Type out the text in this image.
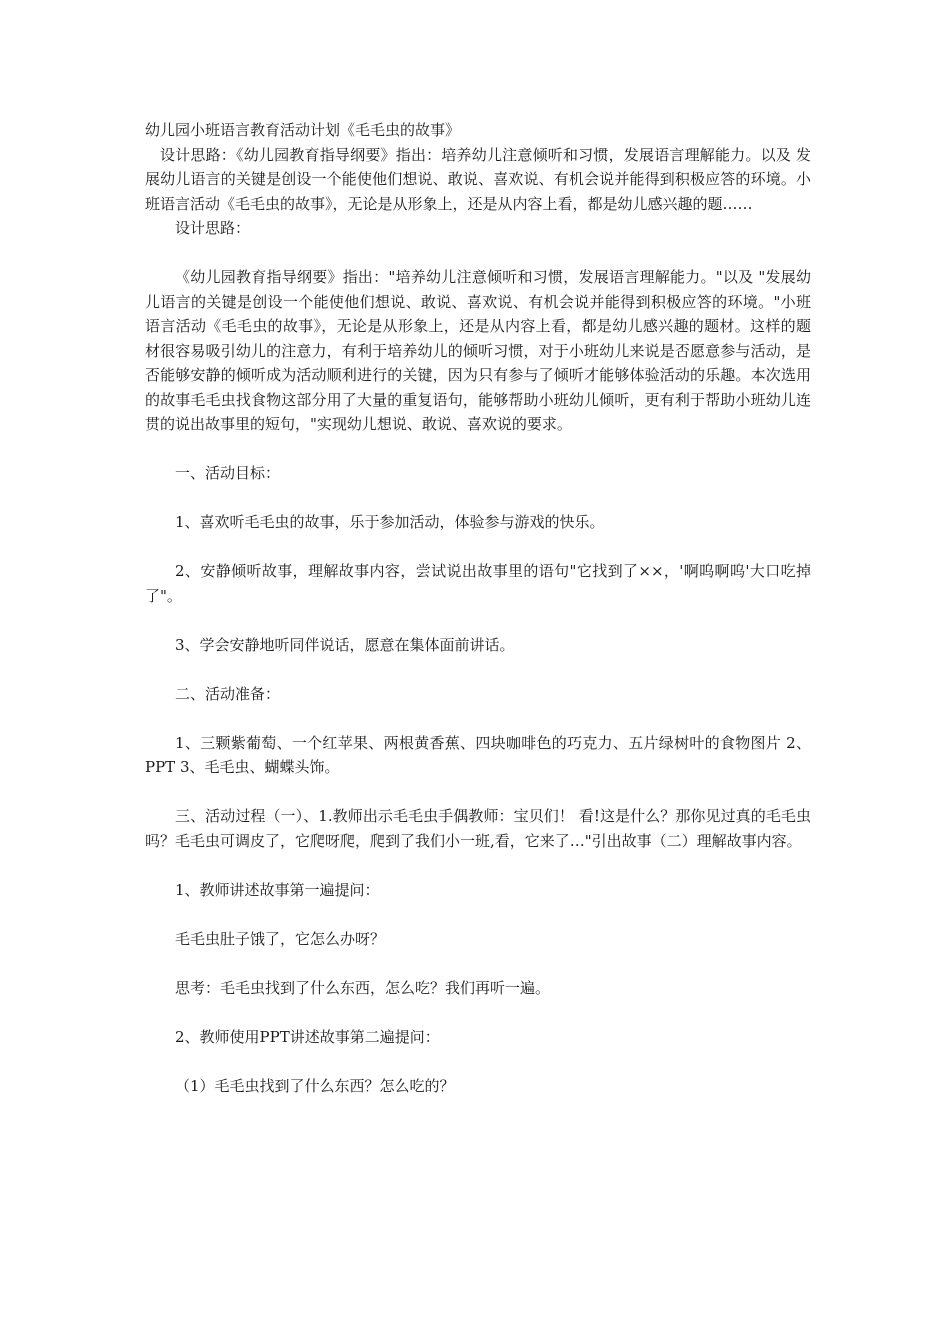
幼儿园小班语言教育活动计划《毛毛虫的故事》

设计思路：《幼儿园教育指导纲要》指出：培养幼儿注意倾听和习惯，发展语言理解能力。以及 发展幼儿语言的关键是创设一个能使他们想说、敢说、喜欢说、有机会说并能得到积极应答的环境。小班语言活动《毛毛虫的故事》，无论是从形象上，还是从内容上看，都是幼儿感兴趣的题……

设计思路：

《幼儿园教育指导纲要》指出："培养幼儿注意倾听和习惯，发展语言理解能力。"以及 "发展幼儿语言的关键是创设一个能使他们想说、敢说、喜欢说、有机会说并能得到积极应答的环境。"小班语言活动《毛毛虫的故事》，无论是从形象上，还是从内容上看，都是幼儿感兴趣的题材。这样的题材很容易吸引幼儿的注意力，有利于培养幼儿的倾听习惯，对于小班幼儿来说是否愿意参与活动，是否能够安静的倾听成为活动顺利进行的关键，因为只有参与了倾听才能够体验活动的乐趣。本次选用的故事毛毛虫找食物这部分用了大量的重复语句，能够帮助小班幼儿倾听，更有利于帮助小班幼儿连贯的说出故事里的短句，"实现幼儿想说、敢说、喜欢说的要求。

一、活动目标：

1、喜欢听毛毛虫的故事，乐于参加活动，体验参与游戏的快乐。

2、安静倾听故事，理解故事内容，尝试说出故事里的语句"它找到了××，'啊呜啊呜'大口吃掉了"。

3、学会安静地听同伴说话，愿意在集体面前讲话。

二、活动准备：

1、三颗紫葡萄、一个红苹果、两根黄香蕉、四块咖啡色的巧克力、五片绿树叶的食物图片 2、PPT 3、毛毛虫、蝴蝶头饰。

三、活动过程（一）、1.教师出示毛毛虫手偶教师：宝贝们！ 看!这是什么？那你见过真的毛毛虫吗？毛毛虫可调皮了，它爬呀爬，爬到了我们小一班,看，它来了…"引出故事（二）理解故事内容。

1、教师讲述故事第一遍提问：

毛毛虫肚子饿了，它怎么办呀？

思考：毛毛虫找到了什么东西，怎么吃？我们再听一遍。

2、教师使用PPT讲述故事第二遍提问：

（1）毛毛虫找到了什么东西？怎么吃的？
